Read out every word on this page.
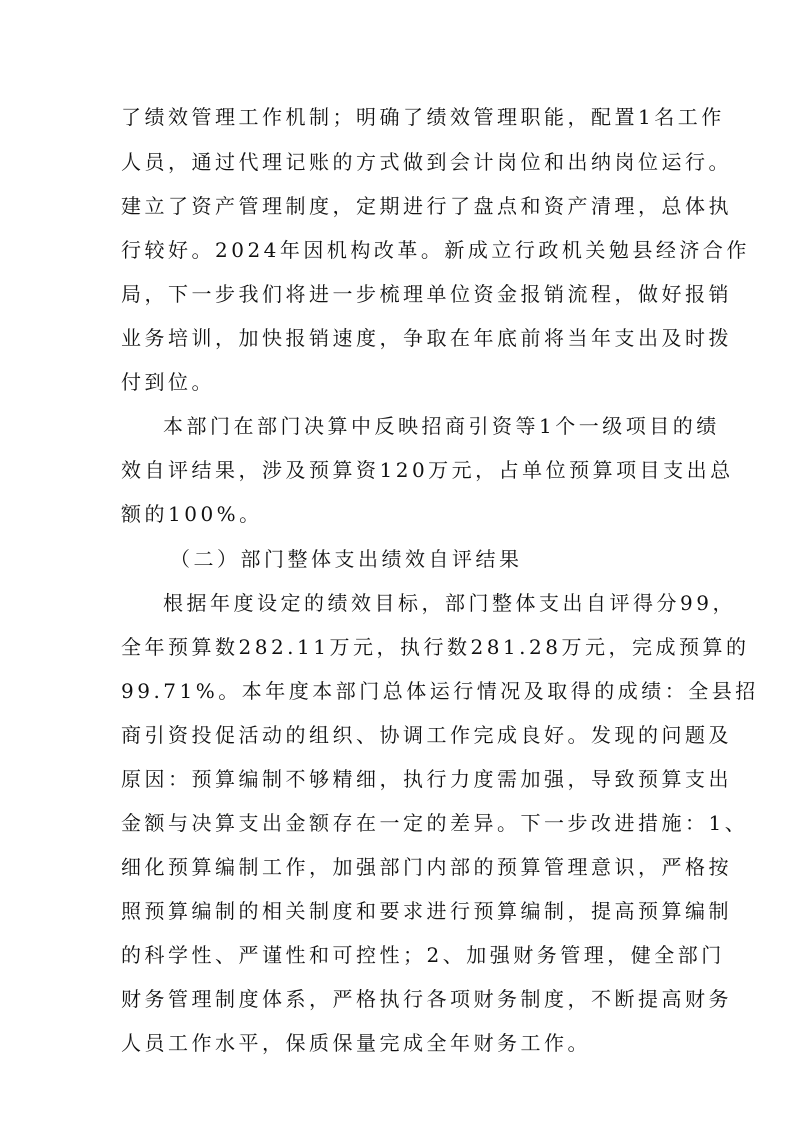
了绩效管理工作机制；明确了绩效管理职能，配置1名工作

人员，通过代理记账的方式做到会计岗位和出纳岗位运行。

建立了资产管理制度，定期进行了盘点和资产清理，总体执

行较好。2024年因机构改革。新成立行政机关勉县经济合作

局，下一步我们将进一步梳理单位资金报销流程，做好报销

业务培训，加快报销速度，争取在年底前将当年支出及时拨

付到位。

本部门在部门决算中反映招商引资等1个一级项目的绩

效自评结果，涉及预算资120万元，占单位预算项目支出总

额的100%。

（二）部门整体支出绩效自评结果

根据年度设定的绩效目标，部门整体支出自评得分99，

全年预算数282.11万元，执行数281.28万元，完成预算的

99.71%。本年度本部门总体运行情况及取得的成绩：全县招

商引资投促活动的组织、协调工作完成良好。发现的问题及

原因：预算编制不够精细，执行力度需加强，导致预算支出

金额与决算支出金额存在一定的差异。下一步改进措施：1、

细化预算编制工作，加强部门内部的预算管理意识，严格按

照预算编制的相关制度和要求进行预算编制，提高预算编制

的科学性、严谨性和可控性；2、加强财务管理，健全部门

财务管理制度体系，严格执行各项财务制度，不断提高财务

人员工作水平，保质保量完成全年财务工作。
